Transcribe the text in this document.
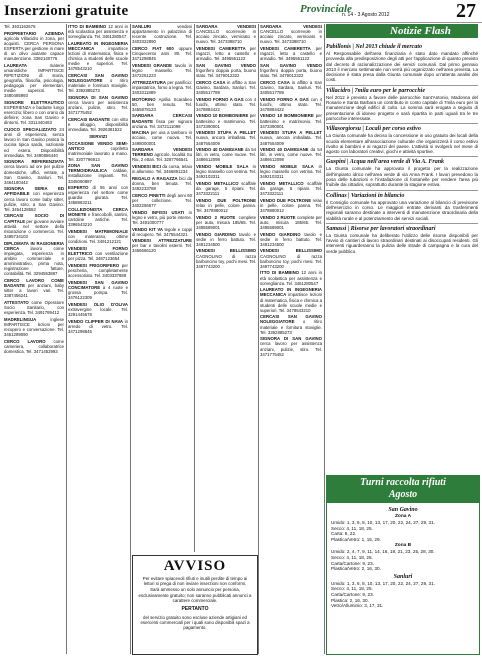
Inserzioni gratuite	Provinciale
n. 14 - 3 Agosto 2012	27

Tel. 3401162676

PROPRIETARIO AZIENDA agricola Villacidro in zona, per acquisti. CERCA PERSONA ESPERTA per gestione in mare di un olivo aiutante capace manutenzione. 3392140776

LAUREATA materie umanistiche IMPARTISCE RIPETIZIONI di storia, geografia, filosofia, psicologia, pedagogia per elementari, medie superiori. Tel. 3480485993

SIGNORE ELETTRAUTICO ESPERIENZA e badante lungo esercizio; libero o con orario da definire; zona San Gavino e dintorni. Tel. 3311440463

CUOCO SPECIALIZZATO 24 anni di esperienza, senza lavoro in San Gavino pratica la cucina tipica sarda, nazionale ed estera. Disponibilità immediata. Tel. 3490856440

SIGNORA REFERENZIATA cerca lavoro ad ore per pulizie domestiche, uffici, vetrate, a San Gavino, Sanluri. Tel. 3464180442

SIGNORA SERIA ED AFFIDABILE con esperienza cerca lavoro come baby sitter, pulizie, stiro, a San Gavino. Tel. 3454128553

CERCASI SOCIO DI CAPITALE per giovane avviare attività nel settore della ristorazione o commercio. Tel. 3495734103

DIPLOMATA IN RAGIONERIA CERCA lavoro come impiegata, esperienza in ambito commerciale e amministrativo, prima nota, registrazione fatture, contabilità. Tel. 3294553887

CERCO LAVORO COME BADANTE per anziani, baby sitter a lavori vari. Tel. 3387456241

ATTESTATO come Operatore Socio Sanitario, con esperienza. Tel. 3491789412

MADRELINGUA inglese IMPARTISCE lezioni per recupero e conversazione. Tel. 3461289090

CERCO LAVORO come cameriera, collaboratrice domestica. Tel. 3471452993

ITTO DI BAMBINO 12 anni in età scolastica per assistenza e sorveglianza. Tel. 3461280547

LAUREATO IN INGEGNERIA MECCANICA impartisce lezioni di matematica, fisica e chimica a studenti delle scuole medie e superiori. Tel. 3478543210

CERCASI SAN GAVINO NOLEGGIATORE o ritiro materiale e fornitura stoviglie. Tel. 3392885273

SIGNORA DI SAN GAVINO cerca lavoro per assistenza anziani, pulizie, stiro. Tel. 3471775452

CERCASI BADANTE con vitto e alloggio, disponibilità immediata. Tel. 3926381522

SERVIZI

OCCASIONE VENDO SEMI-ANTICO copriletto matrimoniale lavorato a mano. Tel. 3207796913

ZONA SAN GAVINO TERMOIDRAULICA caldaie, installazione impianti. Tel. 3345090887

ESPERTO di 55 anni con esperienza nel settore come guardia giurata. Tel. 3458963211

COLLEZIONISTA CERCA MONETE e francobolli, santini, cartoline antiche. Tel. 3396543210

VENDESI MATRIMONIALE con materasso, ottime condizioni. Tel. 3491212121

VENDESI FORNO ELETTRICO con ventilazione per pizza. Tel. 3487123654

VENDESI FRIGORIFERO per pescheria, completamente accessoriato. Tel. 3403337889

VENDESI SAN GAVINO CONCIMATORE a 4 ruote e grossa pompa. Tel. 3476122309

VENDESI OLIO D'OLIVA extravergine locale. Tel. 3291445678

VENDO CLIPPER DI NAVA in arredo di vetro. Tel. 3471298845

SANLURI vendesi appartamento in palazzina di recente costruzione. Tel. 3403322890

CERCO FIAT 600 oppure Cinquecento anni 80. Tel. 3471298845

VENDESI GRANDE tavolo in legno massello. Tel. 3472251223

ATTREZZATURA per panificio: impastatrice, forno a legna. Tel. 3403311889

MOTORINO Aprilia Scarabeo 50, ben tenuto. Tel. 3455878123

SARDARA CERCASI BADANTE fissa per signora anziana. Tel. 3472111098

MACINA per uva a tamburo in acciaio, come nuova. Tel. 3498000001

SARDARA VENDESI TERRENO agricolo, località Su Riu, 2 ettari. Tel. 3287766541

VENDESI BICI da corsa, telaio in alluminio. Tel. 3466891234

REGALO A RAGAZZA bici da donna, ben tenuta. Tel. 3492233788

CERCO PINETTI degli anni 60 per collezione. Tel. 3402256677

VENDO INFISSI USATI in legno e vetro, più porte interne. Tel. 3491000777

VENDO KIT VA tegole e coppi di recupero. Tel. 3475544321

VENDESI ATTREZZATURE per bar e tavolini esterni. Tel. 3456666120

SARDARA VENDESI CANCELLO scorrevole in acciaio zincato, verniciato e nuovo. Tel. 3473398710

VENDESI CAMERETTA per ragazzi, letto a castello e armadio. Tel. 3495561122

SAN GAVINO VENDO frigorifero doppia porta, buono stato. Tel. 3479012322

CERCO CASA in affitto a San Gavino, Sardara, Sanluri. Tel. 3405517789

VENDO FORNO A GAS con 4 fuochi, ottimo stato. Tel. 3478884422

VENDO 10 BOMBONIERE per battesimo e matrimonio. Tel. 3473390001

VENDESI STUFA A PELLET nuova, ancora imballata. Tel. 3487654009

VENDO 40 DAMIGIANE da 54 litri, in vetro, come nuove. Tel. 3486612098

VENDO MOBILE SALA in legno massello con vetrina. Tel. 3492103311

VENDO METALLICO scaffale da garage, 5 ripiani. Tel. 3473322111

VENDO DUE POLTRONE relax in pelle, colore panna. Tel. 3478880012

VENDO 2 RUOTE complete per auto, misura 185/65. Tel. 3495589001

VENDO GIARDINO tavolo e sedie in ferro battuto. Tel. 3481234500

VENDESI BELLISSIMO CAGNOLINO di razza barboncino toy, pochi mesi. Tel. 3497743200

SARDARA VENDESI CANCELLO scorrevole in acciaio zincato, verniciato e nuovo. Tel. 3473398710

VENDESI CAMERETTA per ragazzi, letto a castello e armadio. Tel. 3495561122

SAN GAVINO VENDO frigorifero doppia porta, buono stato. Tel. 3479012322

CERCO CASA in affitto a San Gavino, Sardara, Sanluri. Tel. 3405517789

VENDO FORNO A GAS con 4 fuochi, ottimo stato. Tel. 3478884422

VENDO 10 BOMBONIERE per battesimo e matrimonio. Tel. 3473390001

VENDESI STUFA A PELLET nuova, ancora imballata. Tel. 3487654009

VENDO 40 DAMIGIANE da 54 litri, in vetro, come nuove. Tel. 3486612098

VENDO MOBILE SALA in legno massello con vetrina. Tel. 3492103311

VENDO METALLICO scaffale da garage, 5 ripiani. Tel. 3473322111

VENDO DUE POLTRONE relax in pelle, colore panna. Tel. 3478880012

VENDO 2 RUOTE complete per auto, misura 185/65. Tel. 3495589001

VENDO GIARDINO tavolo e sedie in ferro battuto. Tel. 3481234500

VENDESI BELLISSIMO CAGNOLINO di razza barboncino toy, pochi mesi. Tel. 3497743200

ITTO DI BAMBINO 12 anni in età scolastica per assistenza e sorveglianza. Tel. 3461280547

LAUREATO IN INGEGNERIA MECCANICA impartisce lezioni di matematica, fisica e chimica a studenti delle scuole medie e superiori. Tel. 3478543210

CERCASI SAN GAVINO NOLEGGIATORE o ritiro materiale e fornitura stoviglie. Tel. 3392885273

SIGNORA DI SAN GAVINO cerca lavoro per assistenza anziani, pulizie, stiro. Tel. 3471775452

AVVISO

Per evitare spiacevoli rifiuti e inutili perdite di tempo ai lettori si prega di non inviare inserzioni non conformi.

Sarà ammesso un solo annuncio per persona, esclusivamente gratuito; non saranno pubblicati annunci a carattere commerciale.

PERTANTO

del servizio gratuito sono escluse aziende artigiani ed esercenti commerciali per i quali sono disponibili spazi a pagamento.

Notizie Flash
Pabillonis | Nel 2013 chiude il mercato

Al Responsabile dell'area finanziaria è stato dato mandato affinché provveda alla predisposizione degli atti per l'applicazione di quanto previsto dal decreto di razionalizzazione dei servizi comunali. Dal primo gennaio 2013 il mercato settimanale non verrà più organizzato nell'area prevista. La decisione è stata presa dalla Giunta comunale dopo un'attenta analisi dei costi.

Villacidro | 7mila euro per le parrocchie

Nel 2012 è previsto a favore delle parrocchie Sant'Antonio, Madonna del Rosario e Santa Barbara un contributo in conto capitale di 7mila euro per la manutenzione degli edifici di culto. La somma sarà erogata a seguito di presentazione di idoneo progetto e sarà ripartita in parti uguali tra le tre parrocchie interessate.

Villasorgiorsu | Locali per corso estivo

La Giunta comunale ha deciso la concessione in uso gratuito dei locali della scuola elementare all'associazione culturale che organizzerà il corso estivo rivolto ai bambini e ai ragazzi del paese. L'attività si svolgerà nel mese di agosto con laboratori creativi, giochi e attività sportive.

Guspini | Acqua nell'area verde di Via A. Frank

La Giunta comunale ha approvato il progetto per la realizzazione dell'impianto idrico nell'area verde di via Anna Frank. I lavori prevedono la posa delle tubazioni e l'installazione di fontanelle per rendere l'area più fruibile dai cittadini, soprattutto durante la stagione estiva.

Collinas | Variazioni in bilancio

Il Consiglio comunale ha approvato una variazione al bilancio di previsione dell'esercizio in corso. Le maggiori entrate derivanti da trasferimenti regionali saranno destinate a interventi di manutenzione straordinaria della viabilità rurale e al potenziamento dei servizi sociali.

Samassi | Risorse per lavoratori straordinari

La Giunta comunale ha deliberato l'utilizzo delle risorse disponibili per l'avvio di cantieri di lavoro straordinari destinati ai disoccupati residenti. Gli interventi riguarderanno la pulizia delle strade di campagna e la cura del verde pubblico.

Turni raccolta rifiuti
Agosto
San Gavino
Zona A

Umido: 1, 3, 6, 8, 10, 13, 17, 20, 22, 24, 27, 29, 31.

Secco: 4, 11, 18, 25.

Carta: 8, 22.

Plastica/Vetro: 1, 15, 29.

Zona B

Umido: 2, 4, 7, 9, 11, 14, 16, 18, 21, 23, 25, 28, 30.

Secco: 4, 11, 18, 25.

Carta/Cartone: 9, 23.

Plastica/Vetro: 2, 16, 30.

Sanluri

Umido: 1, 3, 6, 8, 10, 13, 17, 20, 22, 24, 27, 29, 31.

Secco: 4, 11, 18, 25.

Carta/Cartone: 9, 23.

Plastica: 2, 16, 30.

Vetro/Alluminio: 3, 17, 31.
